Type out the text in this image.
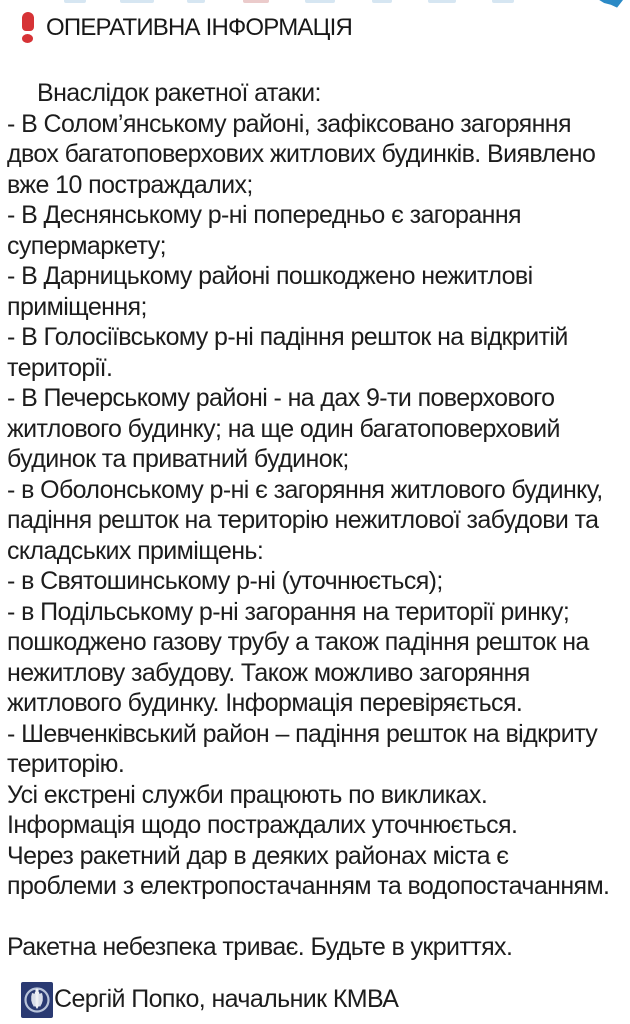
ОПЕРАТИВНА ІНФОРМАЦІЯ
Внаслідок ракетної атаки:
- В Солом’янському районі, зафіксовано загоряння
двох багатоповерхових житлових будинків. Виявлено
вже 10 постраждалих;
- В Деснянському р-ні попередньо є загорання
супермаркету;
- В Дарницькому районі пошкоджено нежитлові
приміщення;
- В Голосіївському р-ні падіння решток на відкритій
території.
- В Печерському районі - на дах 9-ти поверхового
житлового будинку; на ще один багатоповерховий
будинок та приватний будинок;
- в Оболонському р-ні є загоряння житлового будинку,
падіння решток на територію нежитлової забудови та
складських приміщень:
- в Святошинському р-ні (уточнюється);
- в Подільському р-ні загорання на території ринку;
пошкоджено газову трубу а також падіння решток на
нежитлову забудову. Також можливо загоряння
житлового будинку. Інформація перевіряється.
- Шевченківський район – падіння решток на відкриту
територію.
Усі екстрені служби працюють по викликах.
Інформація щодо постраждалих уточнюється.
Через ракетний дар в деяких районах міста є
проблеми з електропостачанням та водопостачанням.
Ракетна небезпека триває. Будьте в укриттях.
Сергій Попко, начальник КМВА
